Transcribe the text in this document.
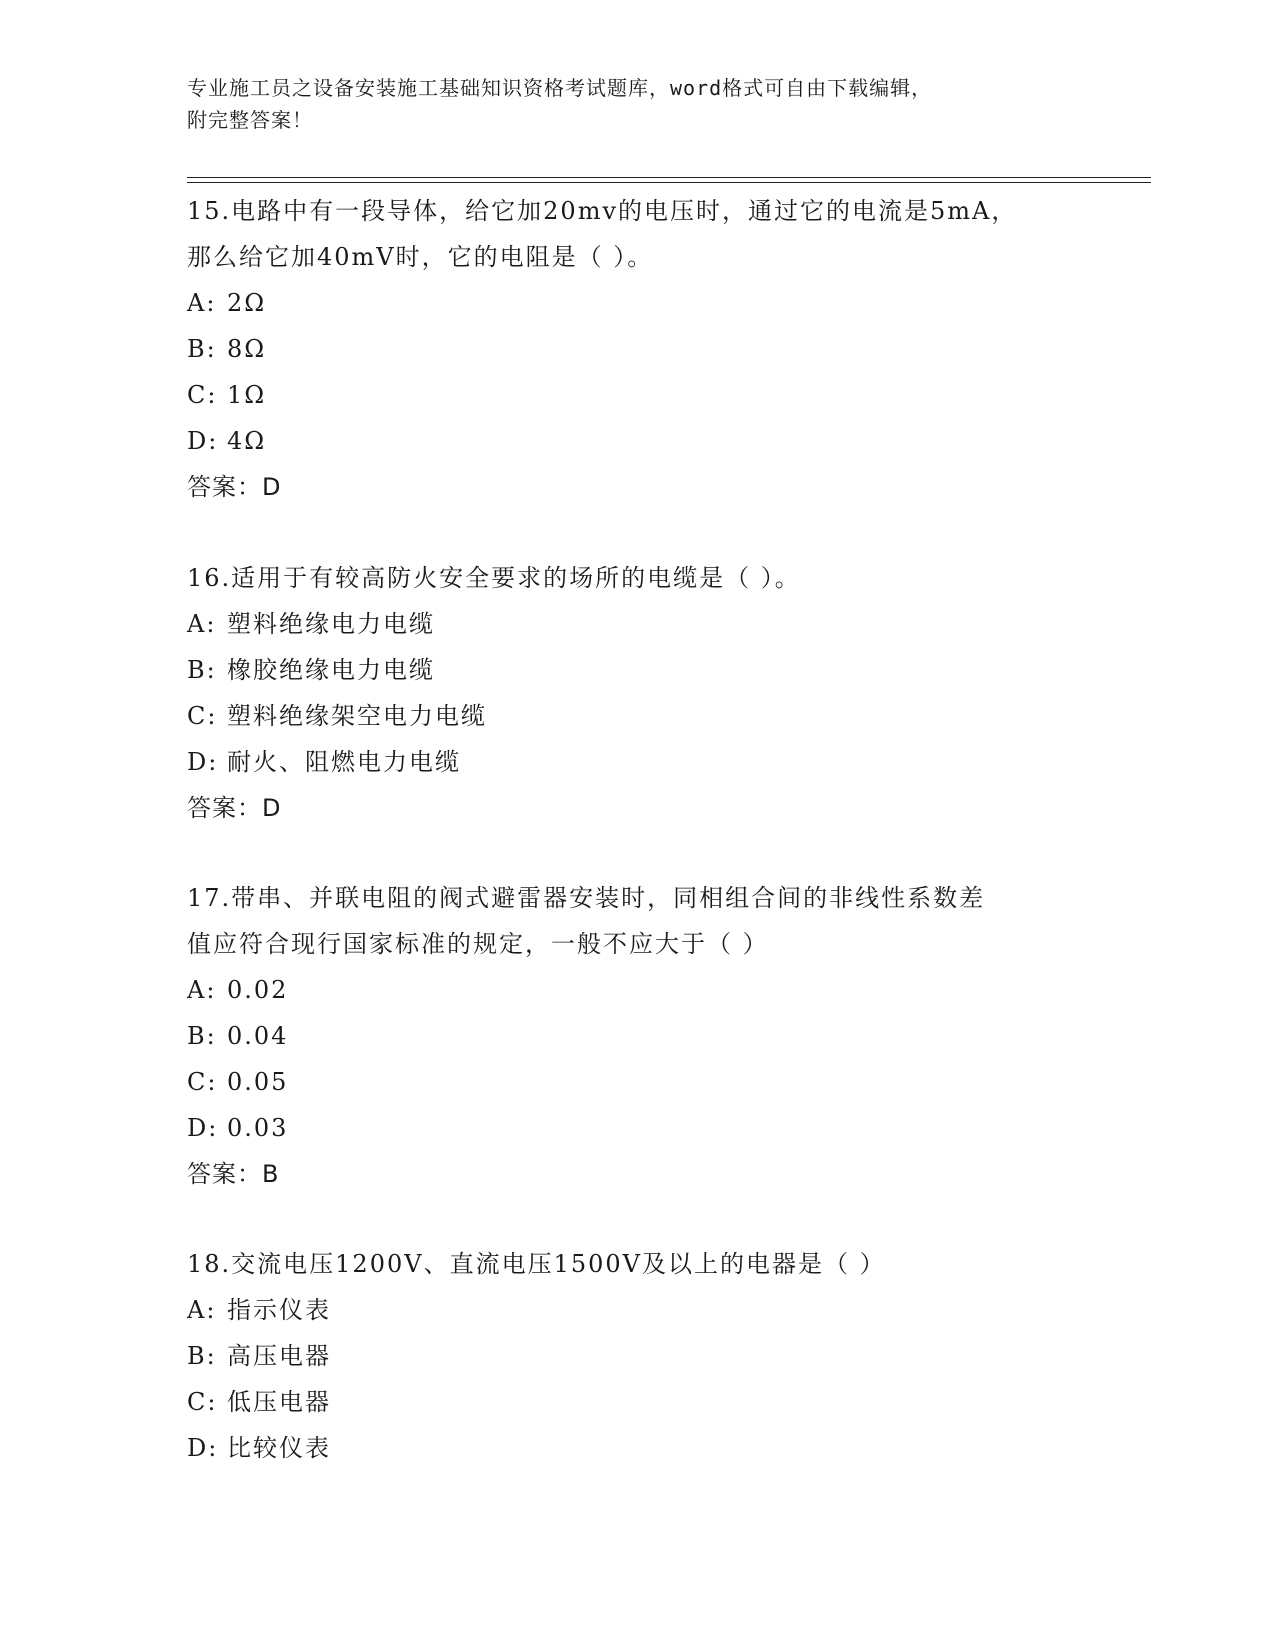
专业施工员之设备安装施工基础知识资格考试题库，word格式可自由下载编辑，
附完整答案！
15.电路中有一段导体，给它加20mv的电压时，通过它的电流是5mA，
那么给它加40mV时，它的电阻是（ ）。
A: 2Ω
B: 8Ω
C: 1Ω
D: 4Ω
答案：D
16.适用于有较高防火安全要求的场所的电缆是（ ）。
A: 塑料绝缘电力电缆
B: 橡胶绝缘电力电缆
C: 塑料绝缘架空电力电缆
D: 耐火、阻燃电力电缆
答案：D
17.带串、并联电阻的阀式避雷器安装时，同相组合间的非线性系数差
值应符合现行国家标准的规定，一般不应大于（ ）
A: 0.02
B: 0.04
C: 0.05
D: 0.03
答案：B
18.交流电压1200V、直流电压1500V及以上的电器是（ ）
A: 指示仪表
B: 高压电器
C: 低压电器
D: 比较仪表
